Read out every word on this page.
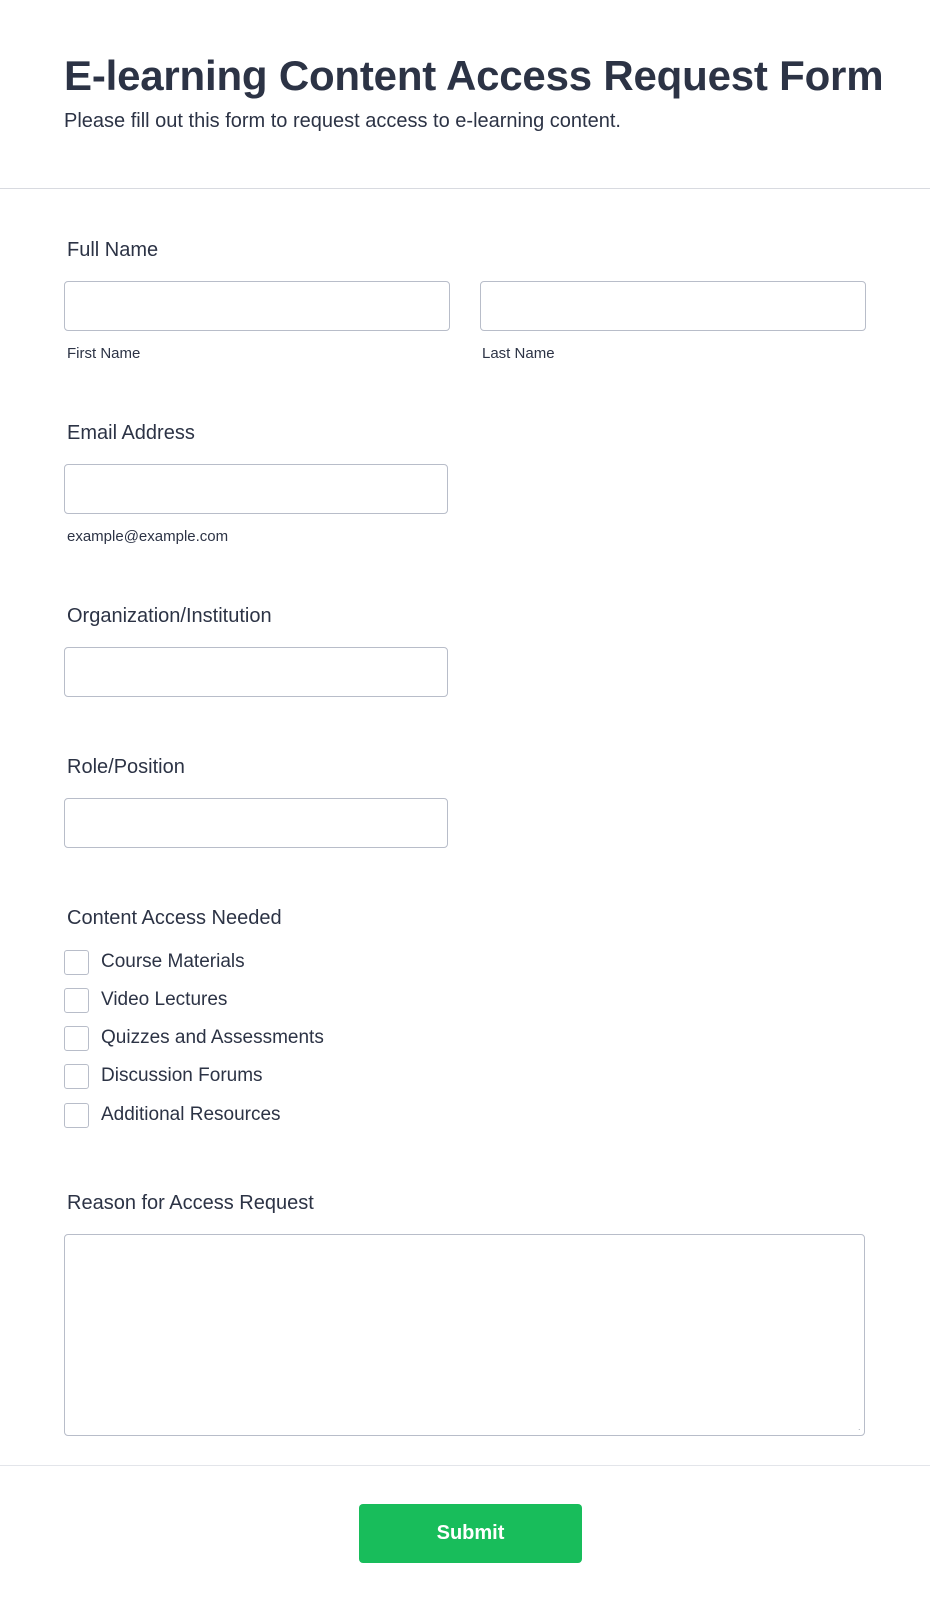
E-learning Content Access Request Form

Please fill out this form to request access to e-learning content.

Full Name
First Name	Last Name
Email Address
example@example.com
Organization/Institution
Role/Position
Content Access Needed
Course Materials
Video Lectures
Quizzes and Assessments
Discussion Forums
Additional Resources
Reason for Access Request
Submit
